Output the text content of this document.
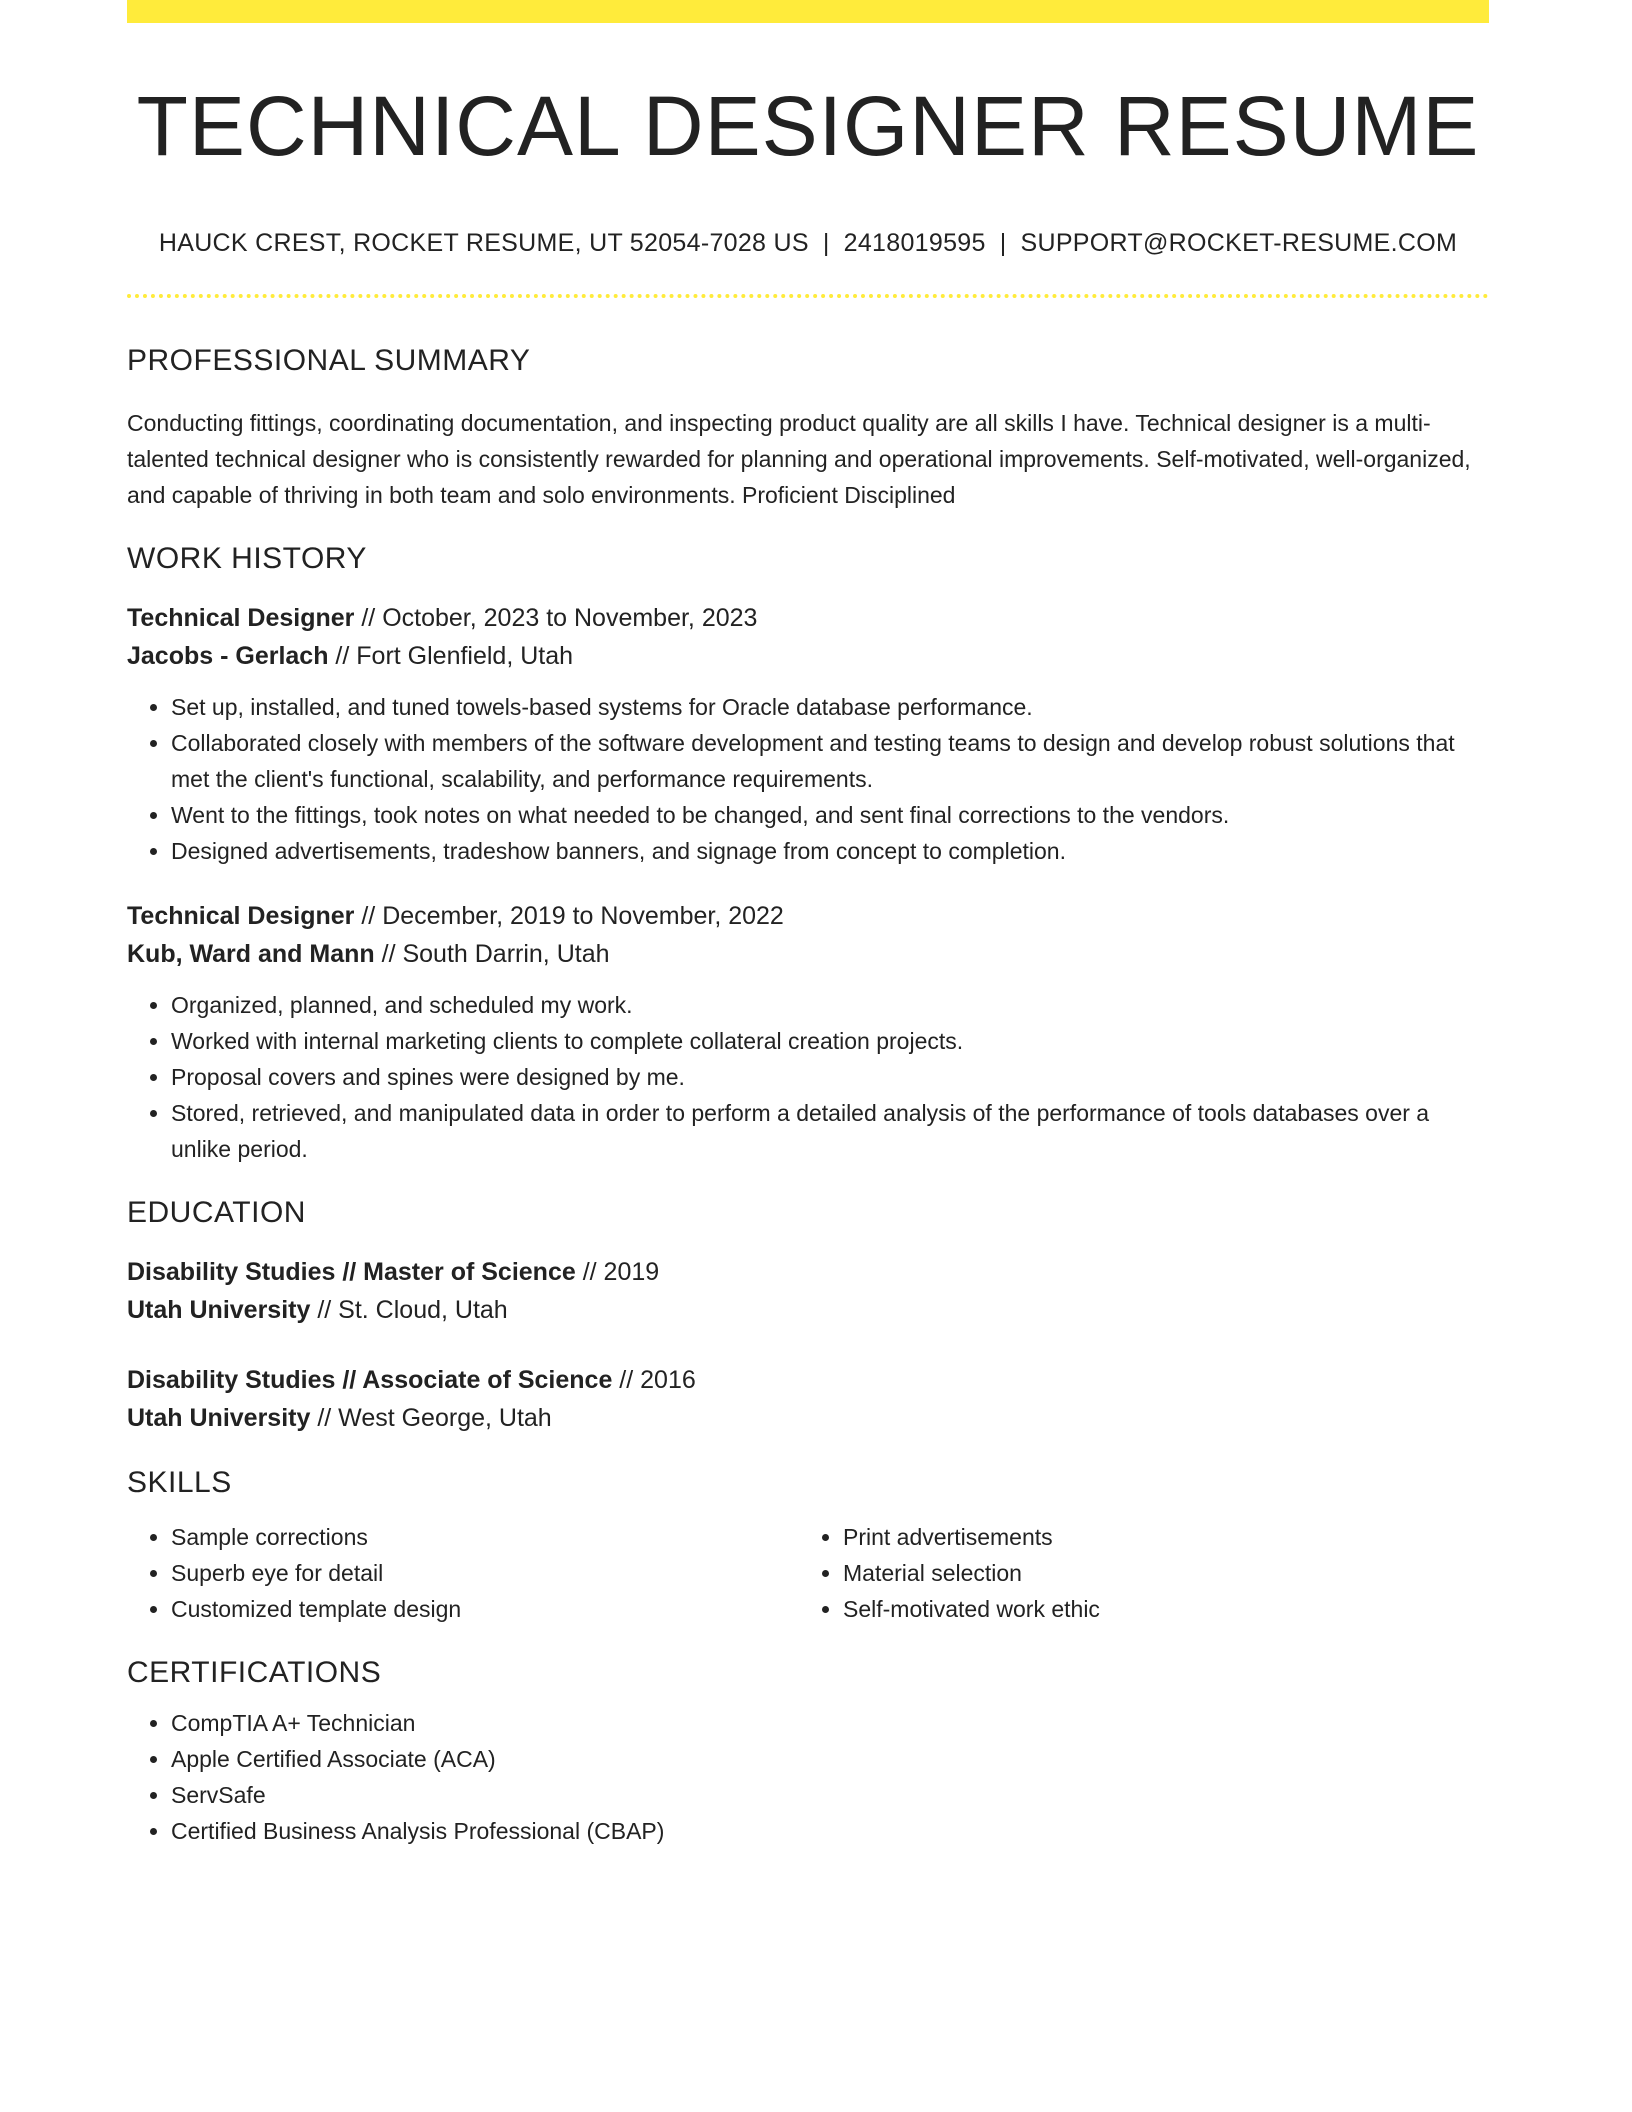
TECHNICAL DESIGNER RESUME
HAUCK CREST, ROCKET RESUME, UT 52054-7028 US | 2418019595 | SUPPORT@ROCKET-RESUME.COM
PROFESSIONAL SUMMARY

Conducting fittings, coordinating documentation, and inspecting product quality are all skills I have. Technical designer is a multi-talented technical designer who is consistently rewarded for planning and operational improvements. Self-motivated, well-organized, and capable of thriving in both team and solo environments. Proficient Disciplined

WORK HISTORY
Technical Designer // October, 2023 to November, 2023
Jacobs - Gerlach // Fort Glenfield, Utah
• Set up, installed, and tuned towels-based systems for Oracle database performance.
• Collaborated closely with members of the software development and testing teams to design and develop robust solutions that met the client's functional, scalability, and performance requirements.
• Went to the fittings, took notes on what needed to be changed, and sent final corrections to the vendors.
• Designed advertisements, tradeshow banners, and signage from concept to completion.
Technical Designer // December, 2019 to November, 2022
Kub, Ward and Mann // South Darrin, Utah
• Organized, planned, and scheduled my work.
• Worked with internal marketing clients to complete collateral creation projects.
• Proposal covers and spines were designed by me.
• Stored, retrieved, and manipulated data in order to perform a detailed analysis of the performance of tools databases over a unlike period.
EDUCATION
Disability Studies // Master of Science // 2019
Utah University // St. Cloud, Utah
Disability Studies // Associate of Science // 2016
Utah University // West George, Utah
SKILLS
• Sample corrections
• Superb eye for detail
• Customized template design
• Print advertisements
• Material selection
• Self-motivated work ethic
CERTIFICATIONS
• CompTIA A+ Technician
• Apple Certified Associate (ACA)
• ServSafe
• Certified Business Analysis Professional (CBAP)
